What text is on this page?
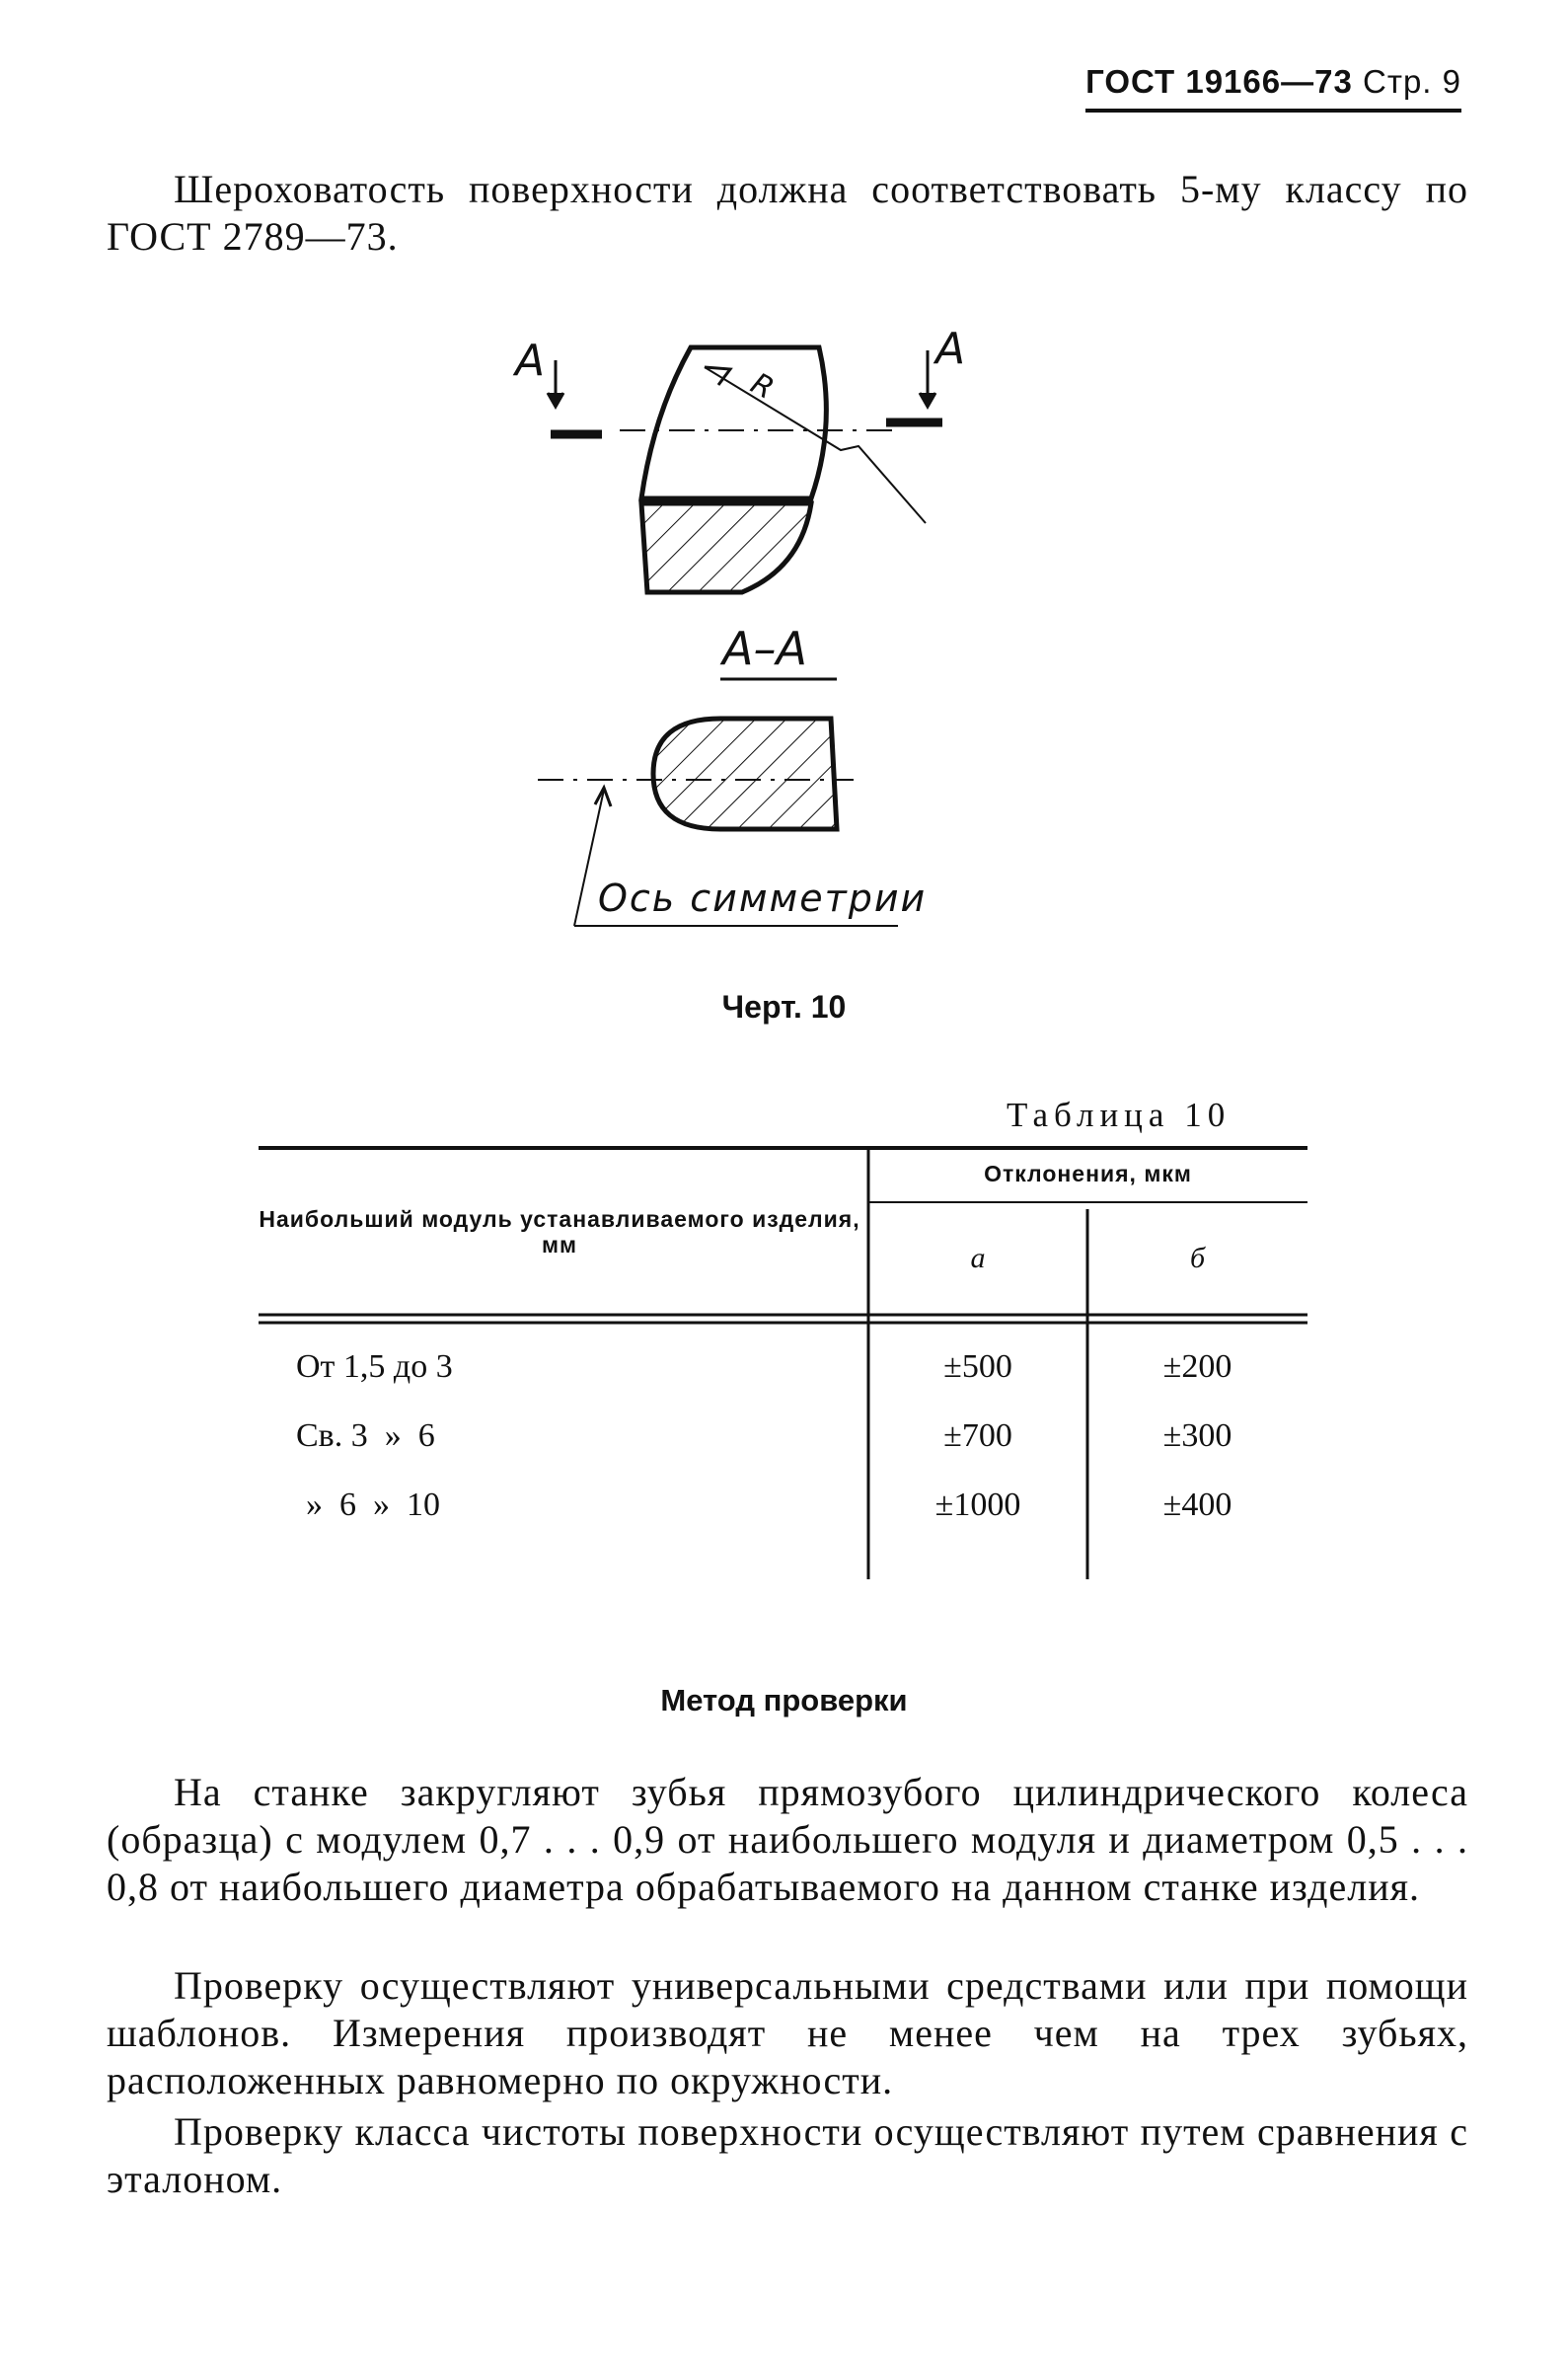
ГОСТ 19166—73 Стр. 9
Шероховатость поверхности должна соответствовать 5-му классу по ГОСТ 2789—73.
А	А
R
А–А
Ось симметрии
Черт. 10
Таблица 10
Наибольший модуль устанавливаемого изделия, мм
Отклонения, мкм
а	б
От 1,5 до 3	±500	±200
Св. 3  »  6	±700	±300
»  6  »  10	±1000	±400
Метод проверки
На станке закругляют зубья прямозубого цилиндрического колеса (образца) с модулем 0,7 . . . 0,9 от наибольшего модуля и диаметром 0,5 . . . 0,8 от наибольшего диаметра обрабатываемого на данном станке изделия.
Проверку осуществляют универсальными средствами или при помощи шаблонов. Измерения производят не менее чем на трех зубьях, расположенных равномерно по окружности.
Проверку класса чистоты поверхности осуществляют путем сравнения с эталоном.
